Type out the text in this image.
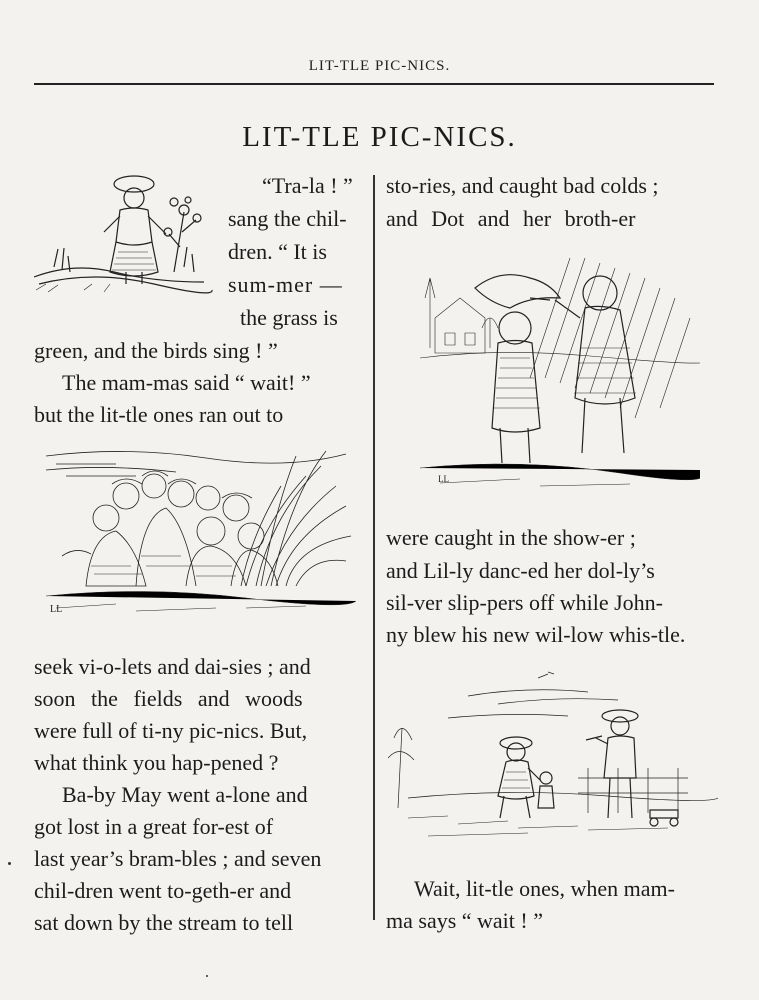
LIT-TLE PIC-NICS.
LIT-TLE PIC-NICS.
“Tra-la ! ”
sang the chil-
dren. “ It is
sum-mer —
the grass is
green, and the birds sing ! ”
The mam-mas said “ wait! ”
but the lit-tle ones ran out to
seek vi-o-lets and dai-sies ; and
soon the fields and woods
were full of ti-ny pic-nics. But,
what think you hap-pened ?
Ba-by May went a-lone and
got lost in a great for-est of
last year’s bram-bles ; and seven
chil-dren went to-geth-er and
sat down by the stream to tell
sto-ries, and caught bad colds ;
and Dot and her broth-er
were caught in the show-er ;
and Lil-ly danc-ed her dol-ly’s
sil-ver slip-pers off while John-
ny blew his new wil-low whis-tle.
Wait, lit-tle ones, when mam-
ma says “ wait ! ”
LL
LL
